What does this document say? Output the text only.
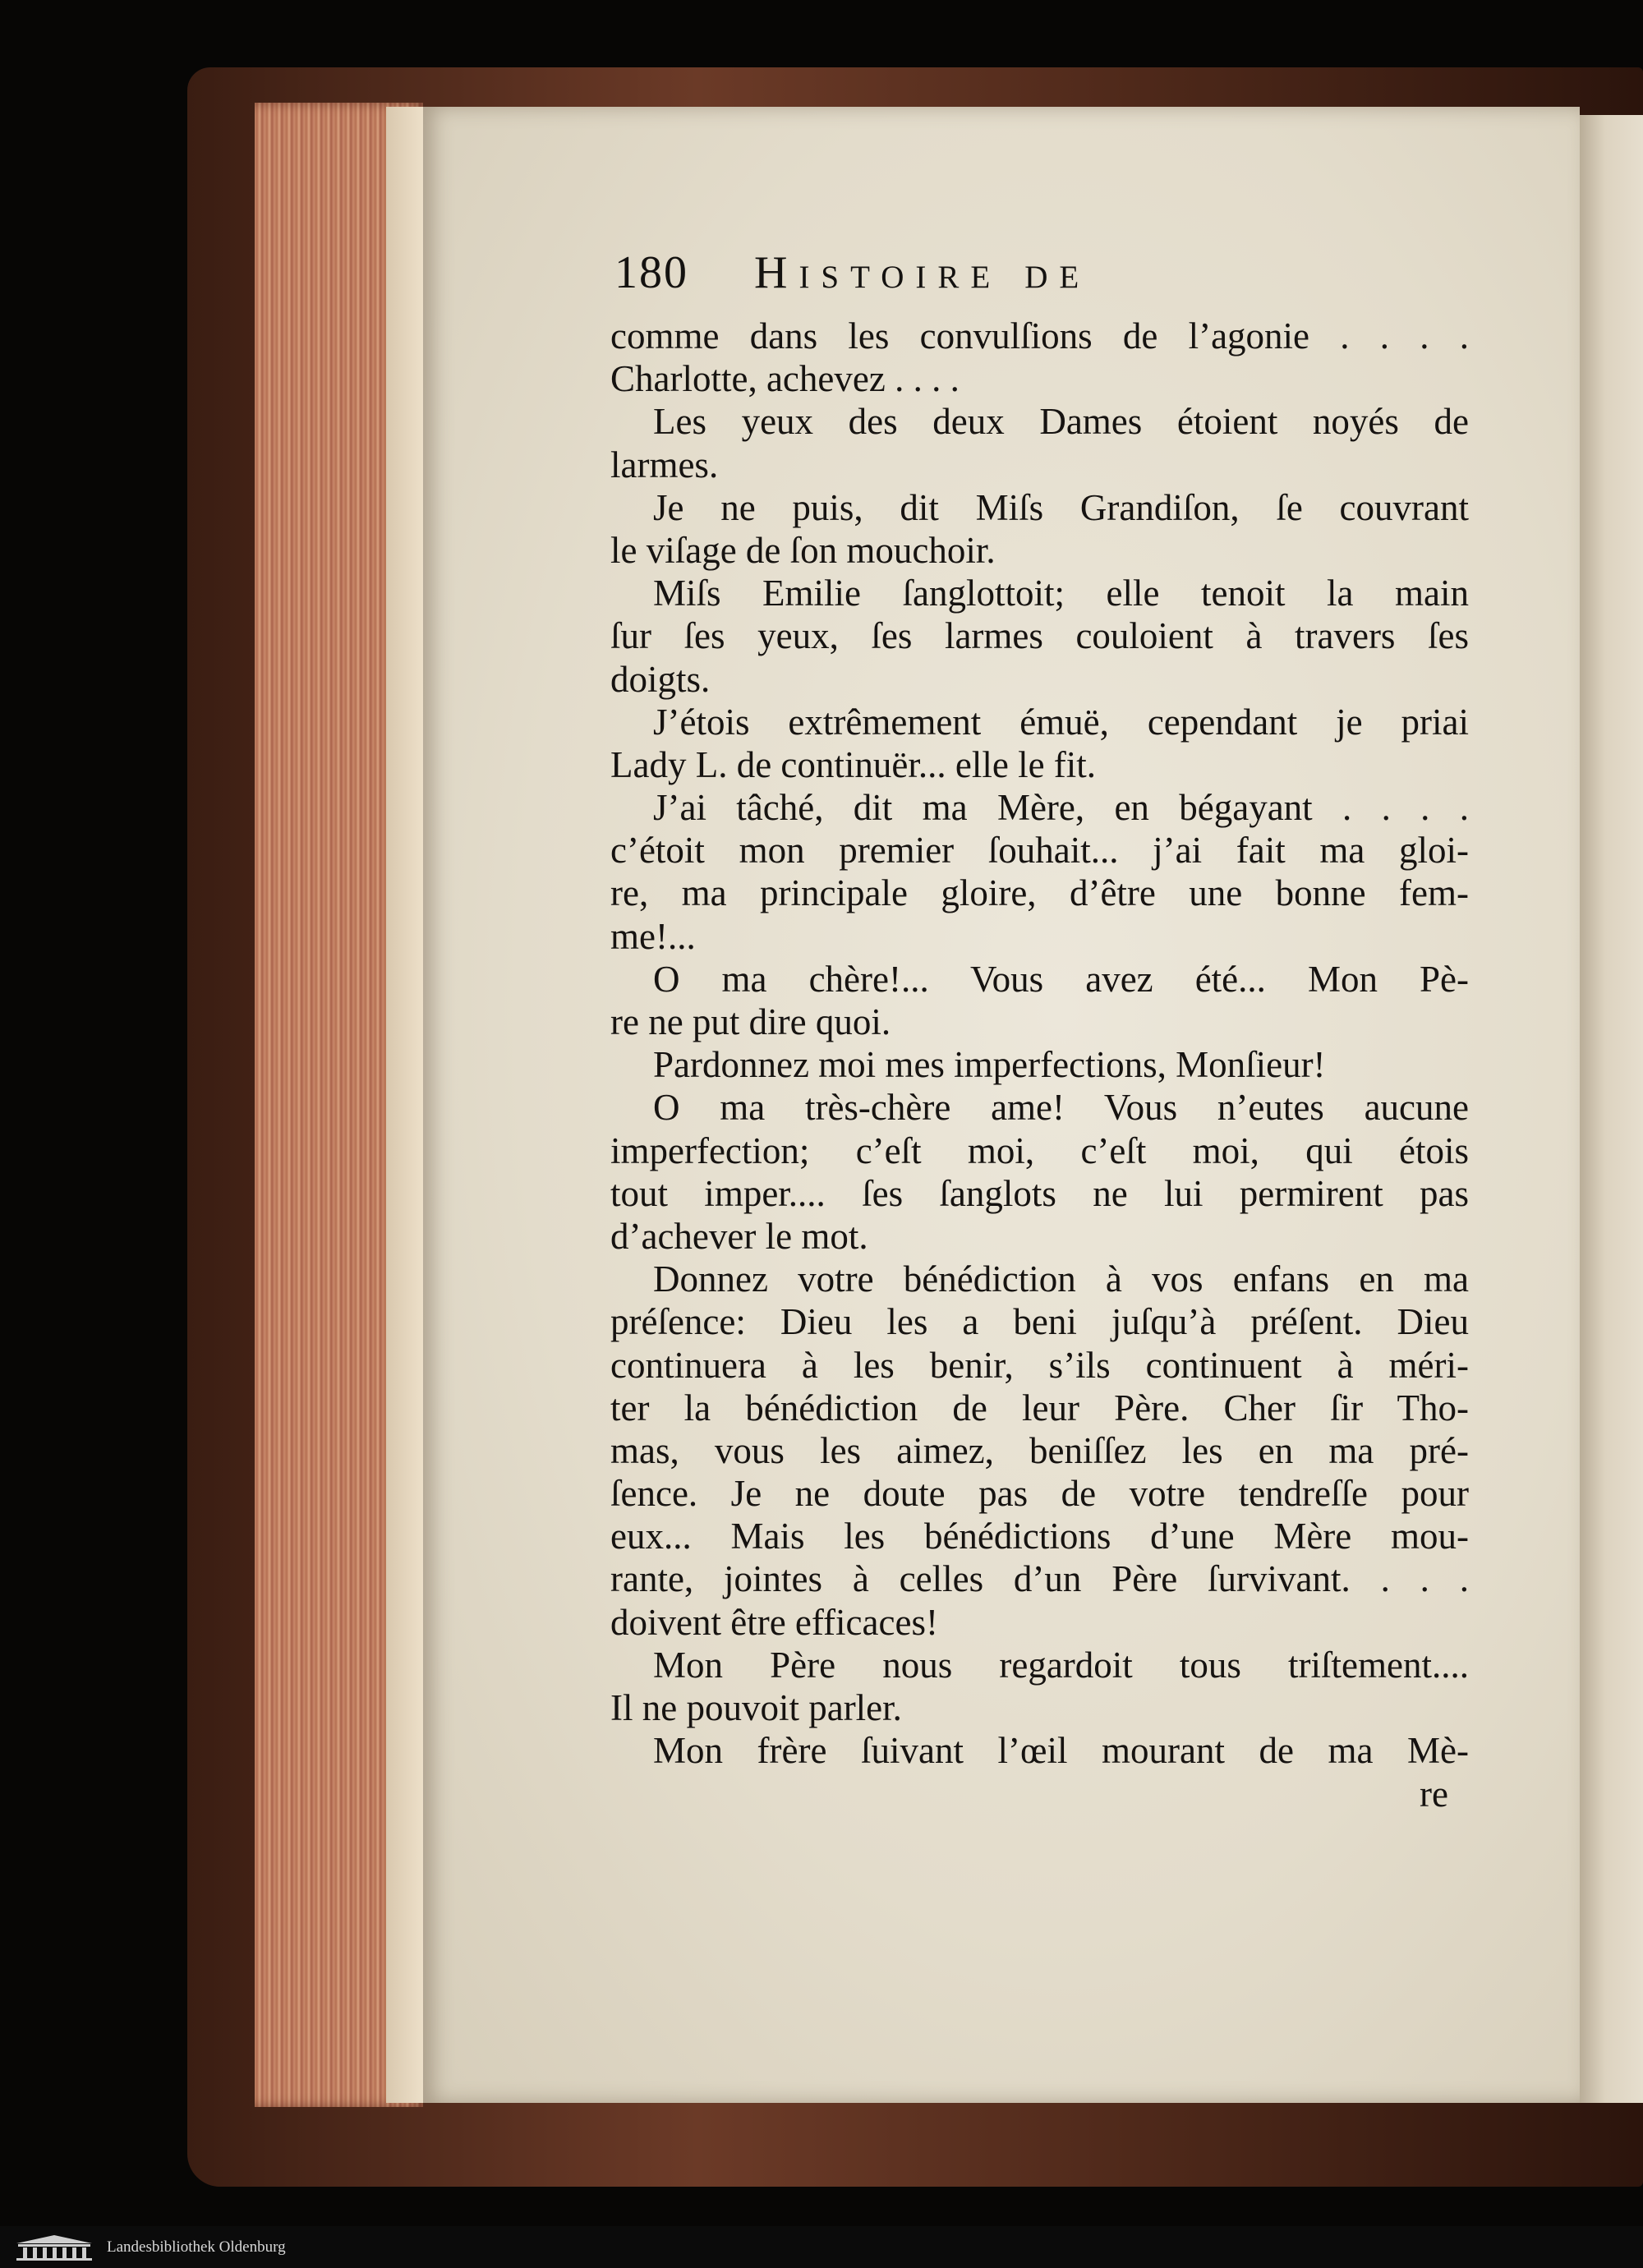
180	Histoire de
comme dans les convulſions de l’agonie . . . .
Charlotte, achevez . . . .
Les yeux des deux Dames étoient noyés de
larmes.
Je ne puis, dit Miſs Grandiſon, ſe couvrant
le viſage de ſon mouchoir.
Miſs Emilie ſanglottoit; elle tenoit la main
ſur ſes yeux, ſes larmes couloient à travers ſes
doigts.
J’étois extrêmement émuë, cependant je priai
Lady L. de continuër... elle le fit.
J’ai tâché, dit ma Mère, en bégayant . . . .
c’étoit mon premier ſouhait... j’ai fait ma gloi-
re, ma principale gloire, d’être une bonne fem-
me!...
O ma chère!... Vous avez été... Mon Pè-
re ne put dire quoi.
Pardonnez moi mes imperfections, Monſieur!
O ma très-chère ame! Vous n’eutes aucune
imperfection; c’eſt moi, c’eſt moi, qui étois
tout imper.... ſes ſanglots ne lui permirent pas
d’achever le mot.
Donnez votre bénédiction à vos enfans en ma
préſence: Dieu les a beni juſqu’à préſent. Dieu
continuera à les benir, s’ils continuent à méri-
ter la bénédiction de leur Père. Cher ſir Tho-
mas, vous les aimez, beniſſez les en ma pré-
ſence. Je ne doute pas de votre tendreſſe pour
eux... Mais les bénédictions d’une Mère mou-
rante, jointes à celles d’un Père ſurvivant. . . .
doivent être efficaces!
Mon Père nous regardoit tous triſtement....
Il ne pouvoit parler.
Mon frère ſuivant l’œil mourant de ma Mè-
re
Landesbibliothek Oldenburg
